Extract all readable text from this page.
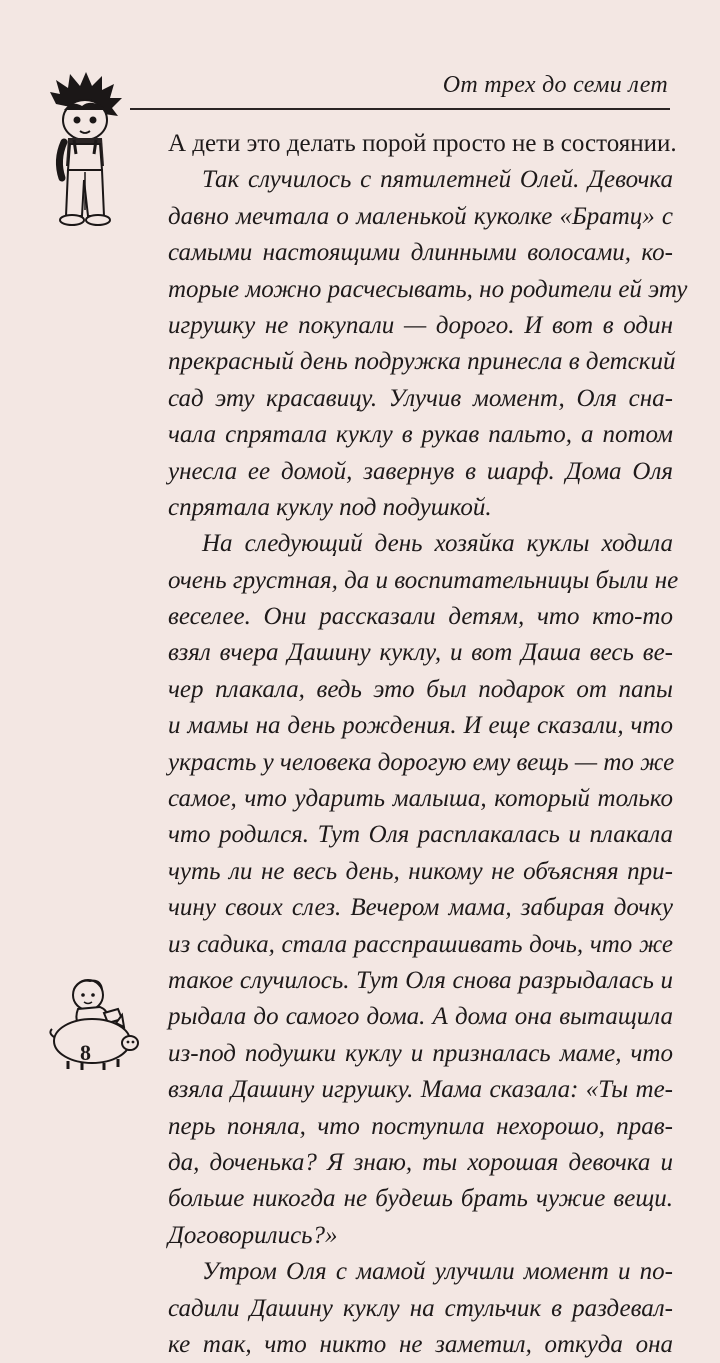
От трех до семи лет
8
А дети это делать порой просто не в состоянии.
Так случилось с пятилетней Олей. Девочка
давно мечтала о маленькой куколке «Братц» с
самыми настоящими длинными волосами, ко-
торые можно расчесывать, но родители ей эту
игрушку не покупали — дорого. И вот в один
прекрасный день подружка принесла в детский
сад эту красавицу. Улучив момент, Оля сна-
чала спрятала куклу в рукав пальто, а потом
унесла ее домой, завернув в шарф. Дома Оля
спрятала куклу под подушкой.
На следующий день хозяйка куклы ходила
очень грустная, да и воспитательницы были не
веселее. Они рассказали детям, что кто-то
взял вчера Дашину куклу, и вот Даша весь ве-
чер плакала, ведь это был подарок от папы
и мамы на день рождения. И еще сказали, что
украсть у человека дорогую ему вещь — то же
самое, что ударить малыша, который только
что родился. Тут Оля расплакалась и плакала
чуть ли не весь день, никому не объясняя при-
чину своих слез. Вечером мама, забирая дочку
из садика, стала расспрашивать дочь, что же
такое случилось. Тут Оля снова разрыдалась и
рыдала до самого дома. А дома она вытащила
из-под подушки куклу и призналась маме, что
взяла Дашину игрушку. Мама сказала: «Ты те-
перь поняла, что поступила нехорошо, прав-
да, доченька? Я знаю, ты хорошая девочка и
больше никогда не будешь брать чужие вещи.
Договорились?»
Утром Оля с мамой улучили момент и по-
садили Дашину куклу на стульчик в раздевал-
ке так, что никто не заметил, откуда она
